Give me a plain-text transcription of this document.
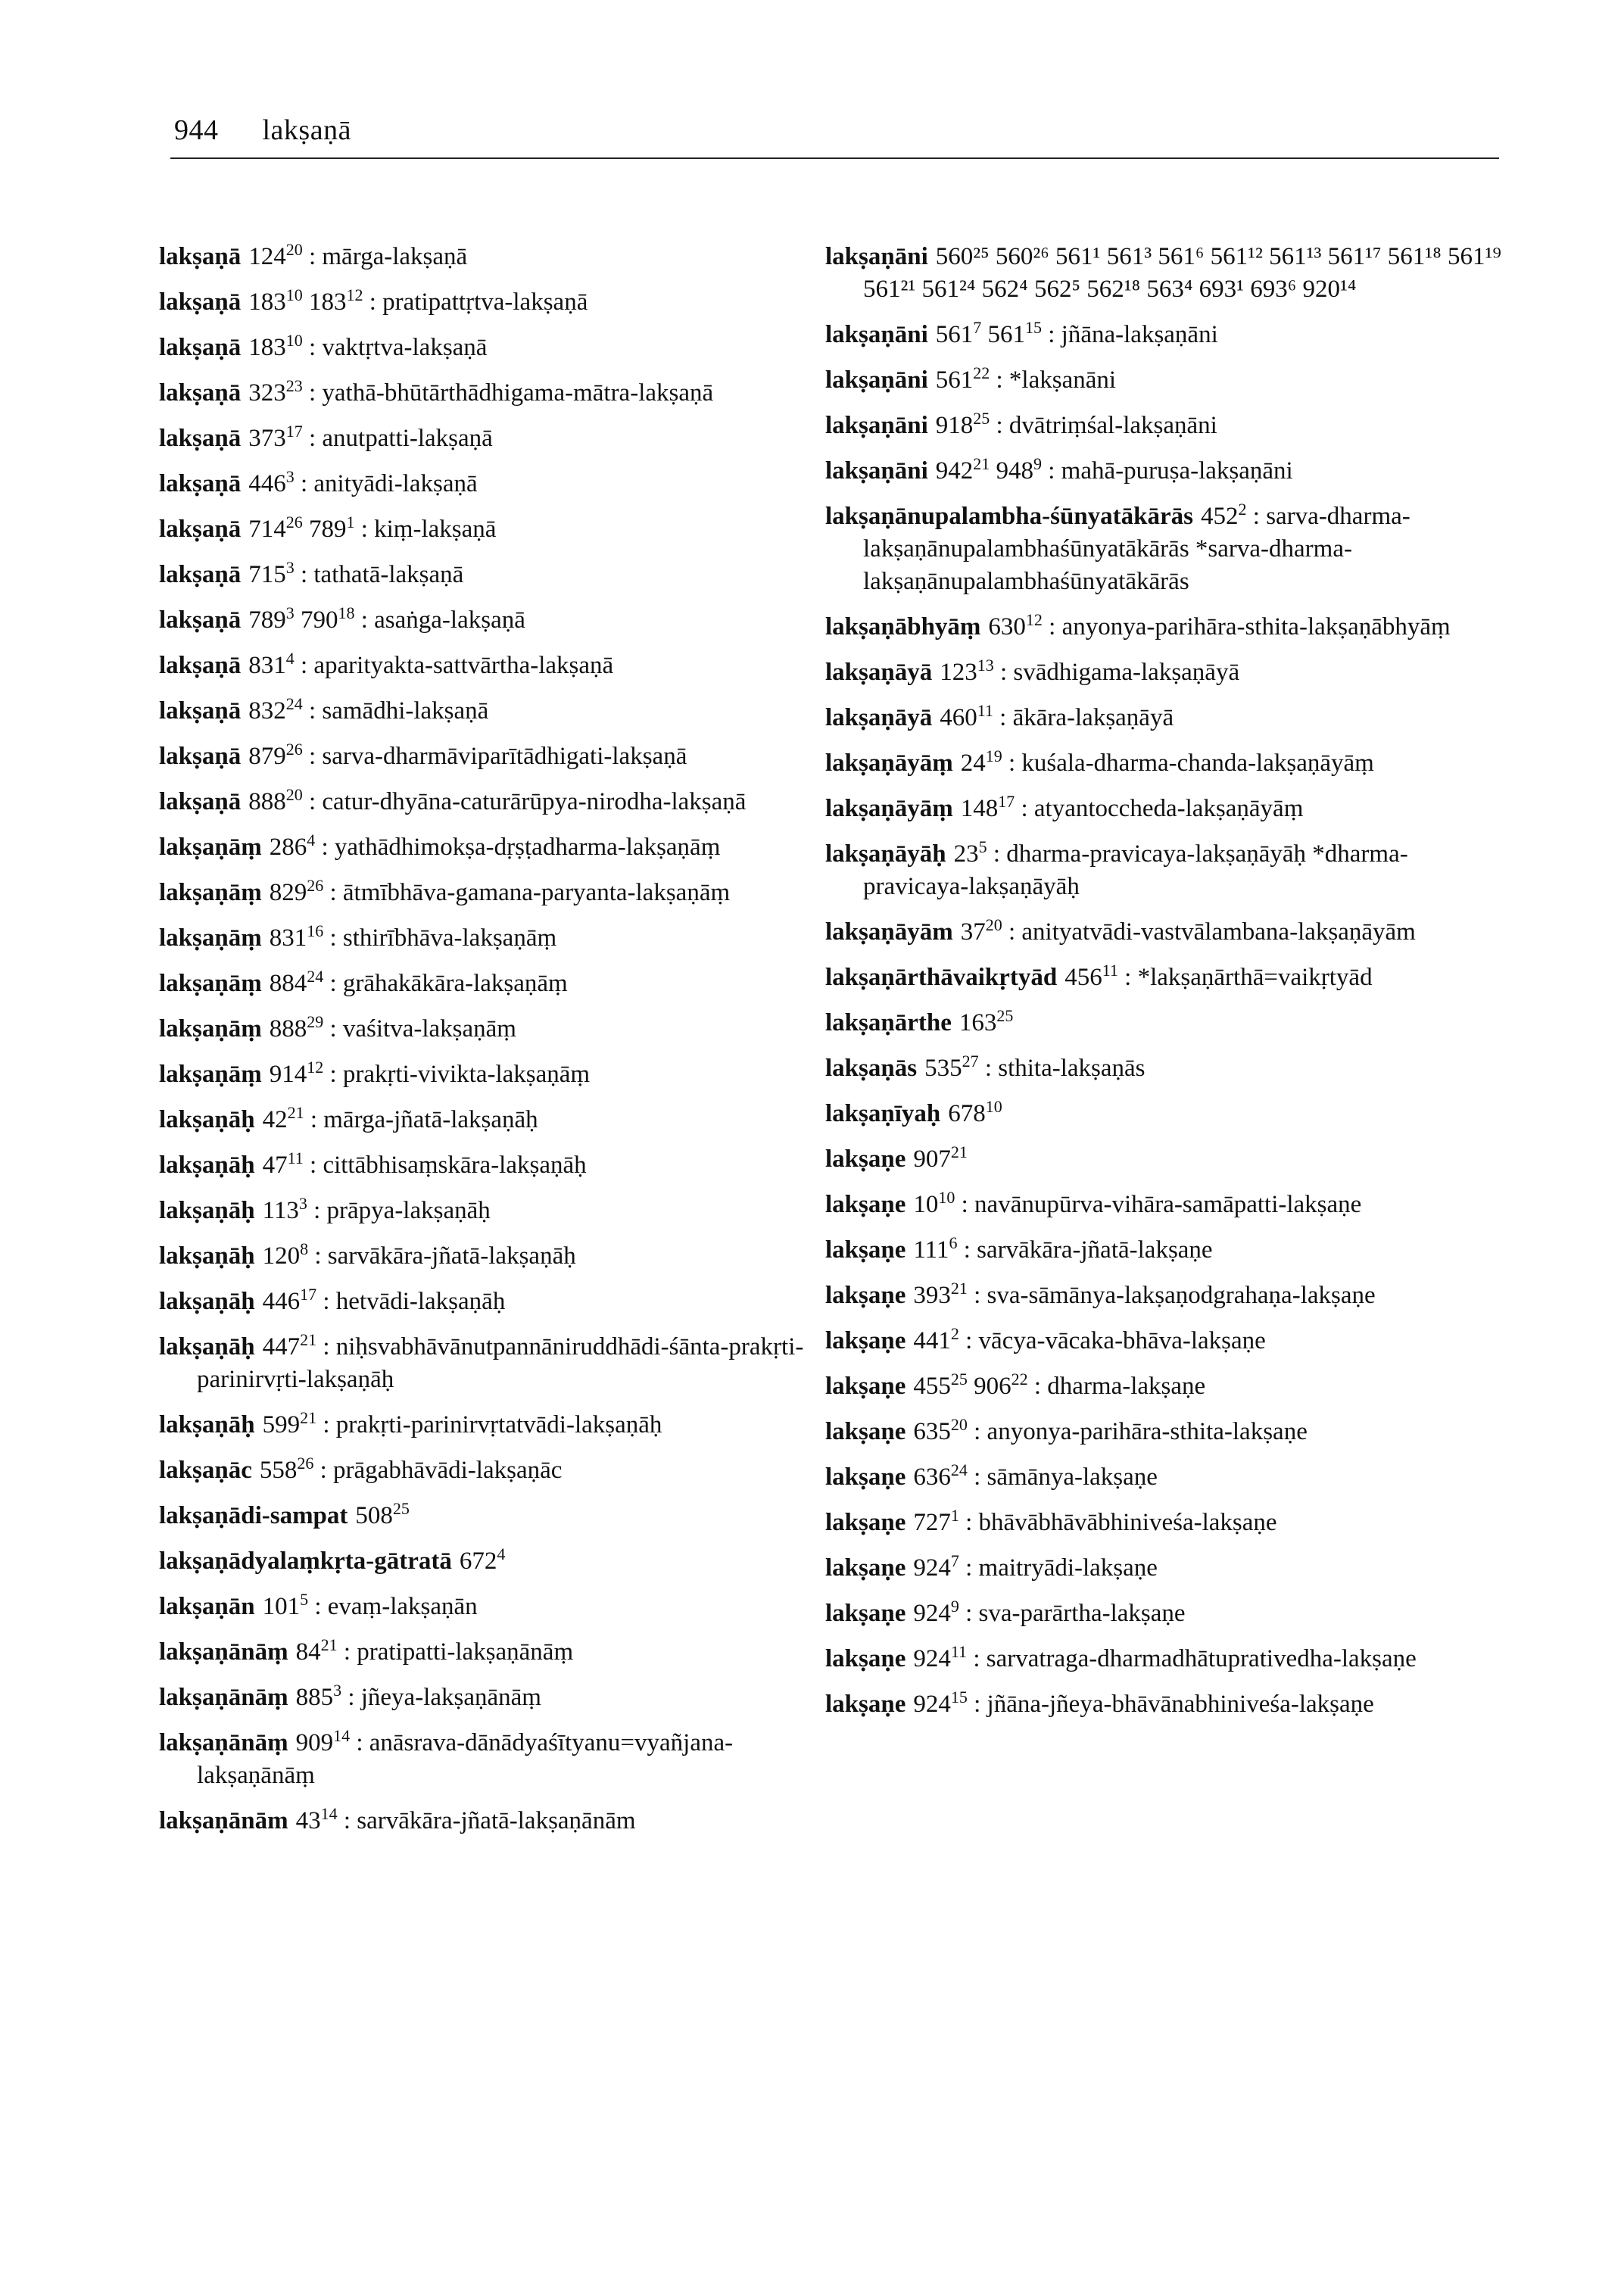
944 lakṣaṇā
lakṣaṇā $124^{20}$ : mārga-lakṣaṇā
lakṣaṇā $183^{10}$ $183^{12}$ : pratipattṛtva-lakṣaṇā
lakṣaṇā $183^{10}$ : vaktṛtva-lakṣaṇā
lakṣaṇā $323^{23}$ : yathā-bhūtārthādhigama-mātra-lakṣaṇā
lakṣaṇā $373^{17}$ : anutpatti-lakṣaṇā
lakṣaṇā $446^3$ : anityādi-lakṣaṇā
lakṣaṇā $714^{26}$ $789^1$ : kiṃ-lakṣaṇā
lakṣaṇā $715^3$ : tathatā-lakṣaṇā
lakṣaṇā $789^3$ $790^{18}$ : asaṅga-lakṣaṇā
lakṣaṇā $831^4$ : aparityakta-sattvārtha-lakṣaṇā
lakṣaṇā $832^{24}$ : samādhi-lakṣaṇā
lakṣaṇā $879^{26}$ : sarva-dharmāviparītādhigati-lakṣaṇā
lakṣaṇā $888^{20}$ : catur-dhyāna-caturārūpya-nirodha-lakṣaṇā
lakṣaṇāṃ $286^4$ : yathādhimokṣa-dṛṣṭadharma-lakṣaṇāṃ
lakṣaṇāṃ $829^{26}$ : ātmībhāva-gamana-paryanta-lakṣaṇāṃ
lakṣaṇāṃ $831^{16}$ : sthirībhāva-lakṣaṇāṃ
lakṣaṇāṃ $884^{24}$ : grāhakākāra-lakṣaṇāṃ
lakṣaṇāṃ $888^{29}$ : vaśitva-lakṣaṇāṃ
lakṣaṇāṃ $914^{12}$ : prakṛti-vivikta-lakṣaṇāṃ
lakṣaṇāḥ $42^{21}$ : mārga-jñatā-lakṣaṇāḥ
lakṣaṇāḥ $47^{11}$ : cittābhisaṃskāra-lakṣaṇāḥ
lakṣaṇāḥ $113^3$ : prāpya-lakṣaṇāḥ
lakṣaṇāḥ $120^8$ : sarvākāra-jñatā-lakṣaṇāḥ
lakṣaṇāḥ $446^{17}$ : hetvādi-lakṣaṇāḥ
lakṣaṇāḥ $447^{21}$ : niḥsvabhāvānutpannāniruddhādi-śānta-prakṛti-parinirvṛti-lakṣaṇāḥ
lakṣaṇāḥ $599^{21}$ : prakṛti-parinirvṛtatvādi-lakṣaṇāḥ
lakṣaṇāc $558^{26}$ : prāgabhāvādi-lakṣaṇāc
lakṣaṇādi-sampat $508^{25}$
lakṣaṇādyalaṃkṛta-gātratā $672^4$
lakṣaṇān $101^5$ : evaṃ-lakṣaṇān
lakṣaṇānāṃ $84^{21}$ : pratipatti-lakṣaṇānāṃ
lakṣaṇānāṃ $885^3$ : jñeya-lakṣaṇānāṃ
lakṣaṇānāṃ $909^{14}$ : anāsrava-dānādyaśītyanu=vyañjana-lakṣaṇānāṃ
lakṣaṇānām $43^{14}$ : sarvākāra-jñatā-lakṣaṇānām
lakṣaṇāni 560²⁵ 560²⁶ 561¹ 561³ 561⁶ 561¹² 561¹³ 561¹⁷ 561¹⁸ 561¹⁹ 561²¹ 561²⁴ 562⁴ 562⁵ 562¹⁸ 563⁴ 693¹ 693⁶ 920¹⁴
lakṣaṇāni $561^7$ $561^{15}$ : jñāna-lakṣaṇāni
lakṣaṇāni $561^{22}$ : *lakṣanāni
lakṣaṇāni $918^{25}$ : dvātriṃśal-lakṣaṇāni
lakṣaṇāni $942^{21}$ $948^9$ : mahā-puruṣa-lakṣaṇāni
lakṣaṇānupalambha-śūnyatākārās $452^2$ : sarva-dharma-lakṣaṇānupalambhaśūnyatākārās *sarva-dharma-lakṣaṇānupalambhaśūnyatākārās
lakṣaṇābhyāṃ $630^{12}$ : anyonya-parihāra-sthita-lakṣaṇābhyāṃ
lakṣaṇāyā $123^{13}$ : svādhigama-lakṣaṇāyā
lakṣaṇāyā $460^{11}$ : ākāra-lakṣaṇāyā
lakṣaṇāyāṃ $24^{19}$ : kuśala-dharma-chanda-lakṣaṇāyāṃ
lakṣaṇāyāṃ $148^{17}$ : atyantoccheda-lakṣaṇāyāṃ
lakṣaṇāyāḥ $23^5$ : dharma-pravicaya-lakṣaṇāyāḥ *dharma-pravicaya-lakṣaṇāyāḥ
lakṣaṇāyām $37^{20}$ : anityatvādi-vastvālambana-lakṣaṇāyām
lakṣaṇārthāvaikṛtyād $456^{11}$ : *lakṣaṇārthā=vaikṛtyād
lakṣaṇārthe $163^{25}$
lakṣaṇās $535^{27}$ : sthita-lakṣaṇās
lakṣaṇīyaḥ $678^{10}$
lakṣaṇe $907^{21}$
lakṣaṇe $10^{10}$ : navānupūrva-vihāra-samāpatti-lakṣaṇe
lakṣaṇe $111^6$ : sarvākāra-jñatā-lakṣaṇe
lakṣaṇe $393^{21}$ : sva-sāmānya-lakṣaṇodgrahaṇa-lakṣaṇe
lakṣaṇe $441^2$ : vācya-vācaka-bhāva-lakṣaṇe
lakṣaṇe $455^{25}$ $906^{22}$ : dharma-lakṣaṇe
lakṣaṇe $635^{20}$ : anyonya-parihāra-sthita-lakṣaṇe
lakṣaṇe $636^{24}$ : sāmānya-lakṣaṇe
lakṣaṇe $727^1$ : bhāvābhāvābhiniveśa-lakṣaṇe
lakṣaṇe $924^7$ : maitryādi-lakṣaṇe
lakṣaṇe $924^9$ : sva-parārtha-lakṣaṇe
lakṣaṇe $924^{11}$ : sarvatraga-dharmadhātuprativedha-lakṣaṇe
lakṣaṇe $924^{15}$ : jñāna-jñeya-bhāvānabhiniveśa-lakṣaṇe
